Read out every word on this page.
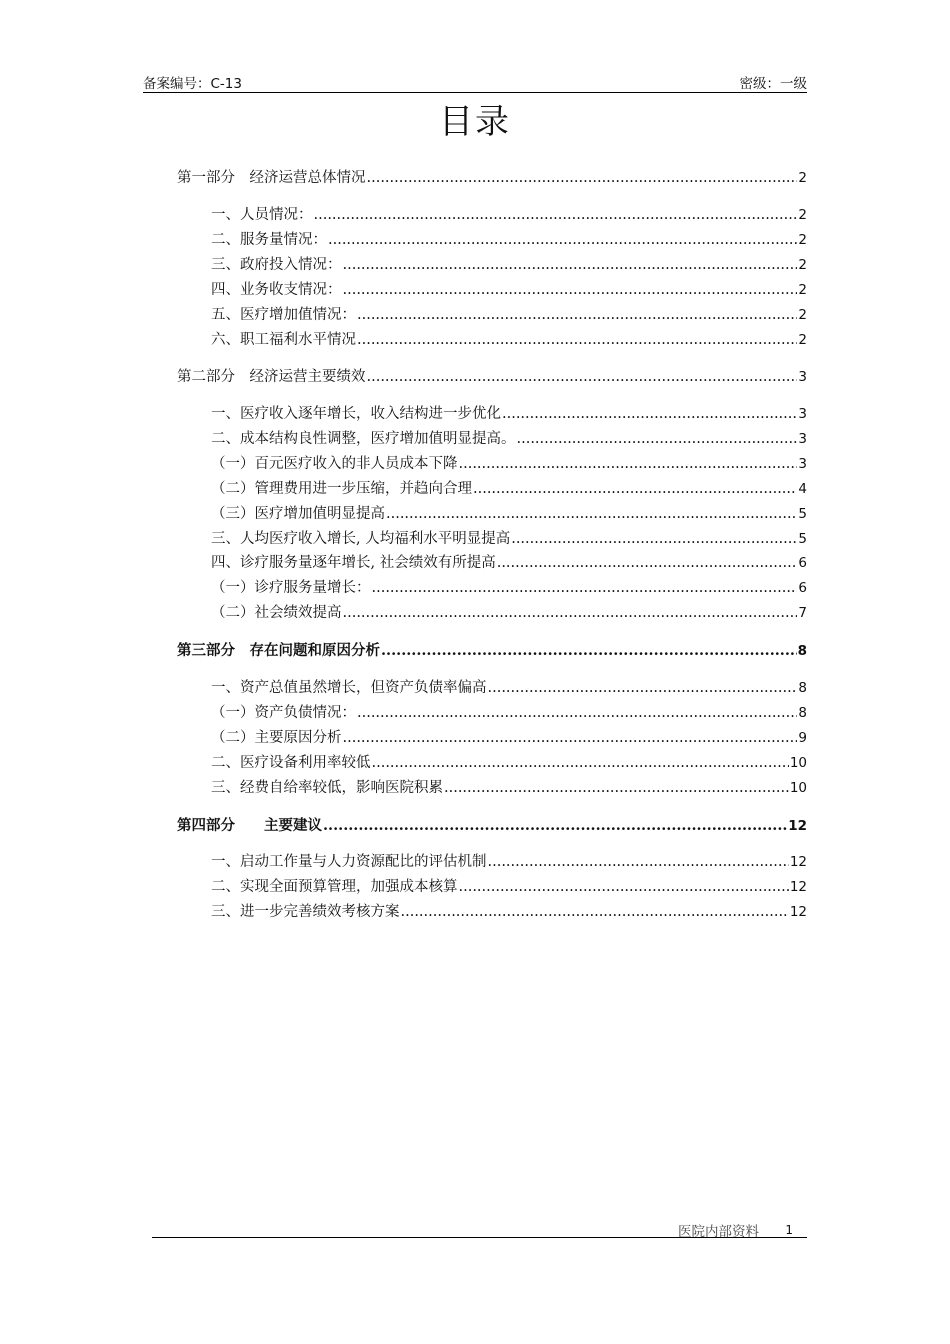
备案编号：C-13	密级：一级
目录
第一部分　经济运营总体情况 .....	2
一、人员情况： .....	2
二、服务量情况： .....	2
三、政府投入情况： .....	2
四、业务收支情况： .....	2
五、医疗增加值情况： .....	2
六、职工福利水平情况 .....	2
第二部分　经济运营主要绩效 .....	3
一、医疗收入逐年增长，收入结构进一步优化 .....	3
二、成本结构良性调整，医疗增加值明显提高。 .....	3
（一）百元医疗收入的非人员成本下降 .....	3
（二）管理费用进一步压缩，并趋向合理 .....	4
（三）医疗增加值明显提高 .....	5
三、人均医疗收入增长, 人均福利水平明显提高 .....	5
四、诊疗服务量逐年增长, 社会绩效有所提高 .....	6
（一）诊疗服务量增长： .....	6
（二）社会绩效提高 .....	7
第三部分　存在问题和原因分析 .....	8
一、资产总值虽然增长，但资产负债率偏高 .....	8
（一）资产负债情况： .....	8
（二）主要原因分析 .....	9
二、医疗设备利用率较低 .....	10
三、经费自给率较低，影响医院积累 .....	10
第四部分　　主要建议 .....	12
一、启动工作量与人力资源配比的评估机制 .....	12
二、实现全面预算管理，加强成本核算 .....	12
三、进一步完善绩效考核方案 .....	12
医院内部资料 1
